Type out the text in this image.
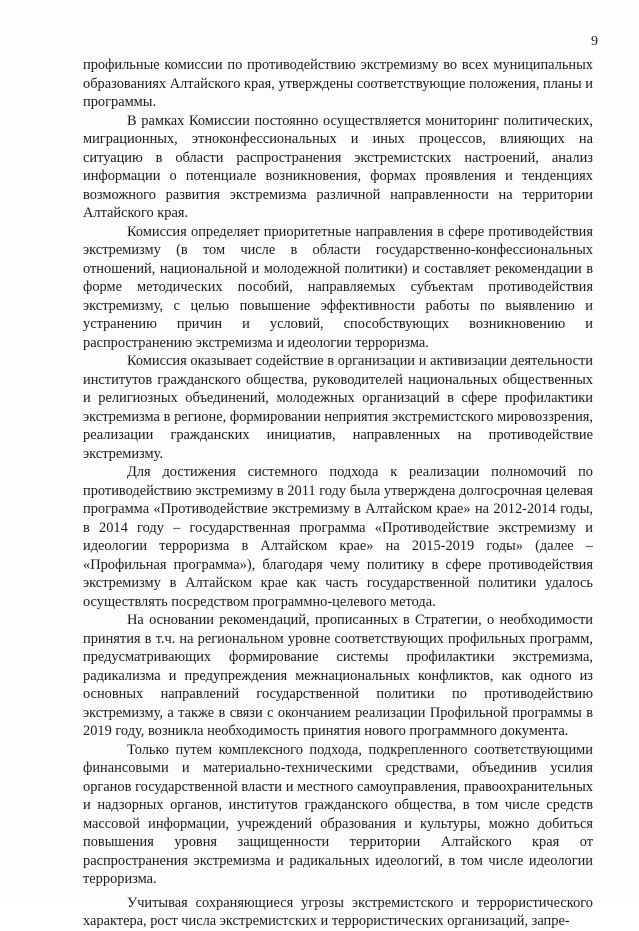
9

профильные комиссии по противодействию экстремизму во всех муниципальных образованиях Алтайского края, утверждены соответствующие положения, планы и программы.

В рамках Комиссии постоянно осуществляется мониторинг политических, миграционных, этноконфессиональных и иных процессов, влияющих на ситуацию в области распространения экстремистских настроений, анализ информации о потенциале возникновения, формах проявления и тенденциях возможного развития экстремизма различной направленности на территории Алтайского края.

Комиссия определяет приоритетные направления в сфере противодействия экстремизму (в том числе в области государственно-конфессиональных отношений, национальной и молодежной политики) и составляет рекомендации в форме методических пособий, направляемых субъектам противодействия экстремизму, с целью повышение эффективности работы по выявлению и устранению причин и условий, способствующих возникновению и распространению экстремизма и идеологии терроризма.

Комиссия оказывает содействие в организации и активизации деятельности институтов гражданского общества, руководителей национальных общественных и религиозных объединений, молодежных организаций в сфере профилактики экстремизма в регионе, формировании неприятия экстремистского мировоззрения, реализации гражданских инициатив, направленных на противодействие экстремизму.

Для достижения системного подхода к реализации полномочий по противодействию экстремизму в 2011 году была утверждена долгосрочная целевая программа «Противодействие экстремизму в Алтайском крае» на 2012-2014 годы, в 2014 году – государственная программа «Противодействие экстремизму и идеологии терроризма в Алтайском крае» на 2015-2019 годы» (далее – «Профильная программа»), благодаря чему политику в сфере противодействия экстремизму в Алтайском крае как часть государственной политики удалось осуществлять посредством программно-целевого метода.

На основании рекомендаций, прописанных в Стратегии, о необходимости принятия в т.ч. на региональном уровне соответствующих профильных программ, предусматривающих формирование системы профилактики экстремизма, радикализма и предупреждения межнациональных конфликтов, как одного из основных направлений государственной политики по противодействию экстремизму, а также в связи с окончанием реализации Профильной программы в 2019 году, возникла необходимость принятия нового программного документа.

Только путем комплексного подхода, подкрепленного соответствующими финансовыми и материально-техническими средствами, объединив усилия органов государственной власти и местного самоуправления, правоохранительных и надзорных органов, институтов гражданского общества, в том числе средств массовой информации, учреждений образования и культуры, можно добиться повышения уровня защищенности территории Алтайского края от распространения экстремизма и радикальных идеологий, в том числе идеологии терроризма.

Учитывая сохраняющиеся угрозы экстремистского и террористического характера, рост числа экстремистских и террористических организаций, запре-
